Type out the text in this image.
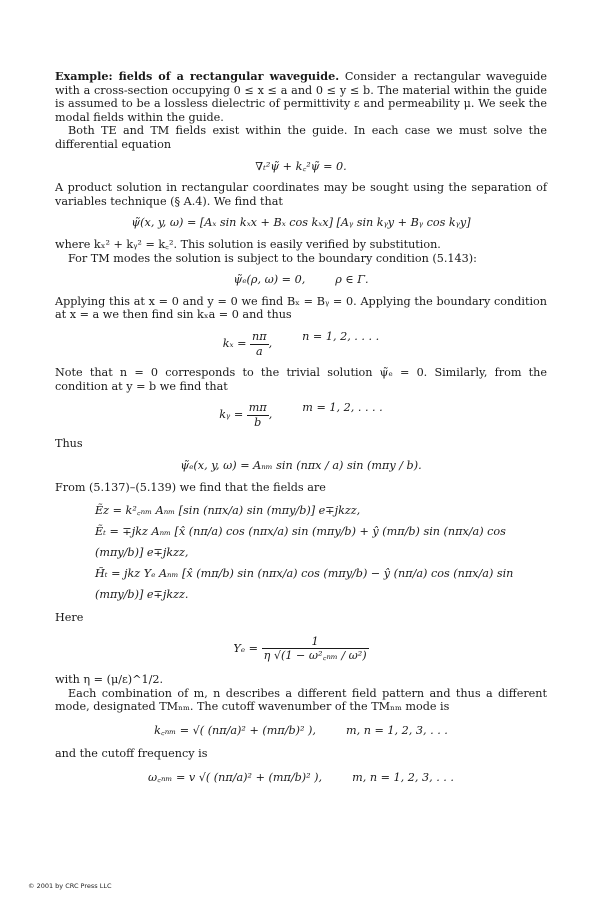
Example: fields of a rectangular waveguide. Consider a rectangular waveguide with a cross-section occupying 0 ≤ x ≤ a and 0 ≤ y ≤ b. The material within the guide is assumed to be a lossless dielectric of permittivity ε and permeability μ. We seek the modal fields within the guide.

Both TE and TM fields exist within the guide. In each case we must solve the differential equation

∇ₜ²ψ̃ + k꜀²ψ̃ = 0.

A product solution in rectangular coordinates may be sought using the separation of variables technique (§ A.4). We find that

ψ̃(x, y, ω) = [Aₓ sin kₓx + Bₓ cos kₓx] [Aᵧ sin kᵧy + Bᵧ cos kᵧy]

where kₓ² + kᵧ² = k꜀². This solution is easily verified by substitution.

For TM modes the solution is subject to the boundary condition (5.143):

ψ̃ₑ(ρ, ω) = 0,	ρ ∈ Γ.

Applying this at x = 0 and y = 0 we find Bₓ = Bᵧ = 0. Applying the boundary condition at x = a we then find sin kₓa = 0 and thus

$k_x = \frac{n\pi}{a}$ ,
n = 1, 2, . . . .

Note that n = 0 corresponds to the trivial solution ψ̃ₑ = 0. Similarly, from the condition at y = b we find that

kᵧ = $\frac{m\pi}{b}$ ,
m = 1, 2, . . . .

Thus

ψ̃ₑ(x, y, ω) = Aₙₘ sin (nπx / a) sin (mπy / b).

From (5.137)–(5.139) we find that the fields are

Ẽz = k²꜀ₙₘ Aₙₘ [sin (nπx/a) sin (mπy/b)] e∓jkzz,
Ẽₜ = ∓jkz Aₙₘ [x̂ (nπ/a) cos (nπx/a) sin (mπy/b) + ŷ (mπ/b) sin (nπx/a) cos (mπy/b)] e∓jkzz,
H̃ₜ = jkz Yₑ Aₙₘ [x̂ (mπ/b) sin (nπx/a) cos (mπy/b) − ŷ (nπ/a) cos (nπx/a) sin (mπy/b)] e∓jkzz.

Here

$Y_e = \frac{1}{\text{η √(1 − ω²꜀ₙₘ / ω²)}}$

with η = (μ/ε)^1/2.

Each combination of m, n describes a different field pattern and thus a different mode, designated TMₙₘ. The cutoff wavenumber of the TMₙₘ mode is

k꜀ₙₘ = √( (nπ/a)² + (mπ/b)² ),	m, n = 1, 2, 3, . . .

and the cutoff frequency is

ω꜀ₙₘ = v √( (nπ/a)² + (mπ/b)² ),	m, n = 1, 2, 3, . . .
© 2001 by CRC Press LLC
